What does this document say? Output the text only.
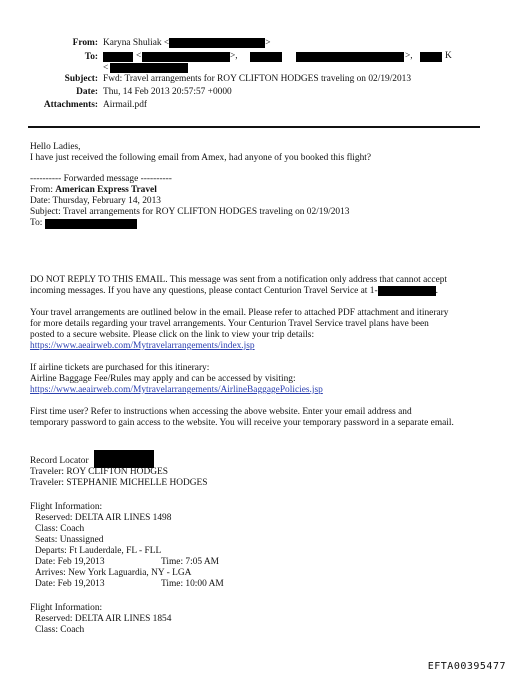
From: Karyna Shuliak <	>
To:	<	>,	>,	K
<
Subject: Fwd: Travel arrangements for ROY CLIFTON HODGES traveling on 02/19/2013
Date: Thu, 14 Feb 2013 20:57:57 +0000
Attachments: Airmail.pdf
Hello Ladies,
I have just received the following email from Amex, had anyone of you booked this flight?
---------- Forwarded message ----------
From: American Express Travel
Date: Thursday, February 14, 2013
Subject: Travel arrangements for ROY CLIFTON HODGES traveling on 02/19/2013
To:
DO NOT REPLY TO THIS EMAIL. This message was sent from a notification only address that cannot accept
incoming messages. If you have any questions, please contact Centurion Travel Service at 1-	.
Your travel arrangements are outlined below in the email. Please refer to attached PDF attachment and itinerary
for more details regarding your travel arrangements. Your Centurion Travel Service travel plans have been
posted to a secure website. Please click on the link to view your trip details:
https://www.aeairweb.com/Mytravelarrangements/index.jsp
If airline tickets are purchased for this itinerary:
Airline Baggage Fee/Rules may apply and can be accessed by visiting:
https://www.aeairweb.com/Mytravelarrangements/AirlineBaggagePolicies.jsp
First time user? Refer to instructions when accessing the above website. Enter your email address and
temporary password to gain access to the website. You will receive your temporary password in a separate email.
Record Locator
Traveler: ROY CLIFTON HODGES
Traveler: STEPHANIE MICHELLE HODGES
Flight Information:
Reserved: DELTA AIR LINES 1498
Class: Coach
Seats: Unassigned
Departs: Ft Lauderdale, FL - FLL
Date: Feb 19,2013	Time: 7:05 AM
Arrives: New York Laguardia, NY - LGA
Date: Feb 19,2013	Time: 10:00 AM
Flight Information:
Reserved: DELTA AIR LINES 1854
Class: Coach
EFTA00395477
